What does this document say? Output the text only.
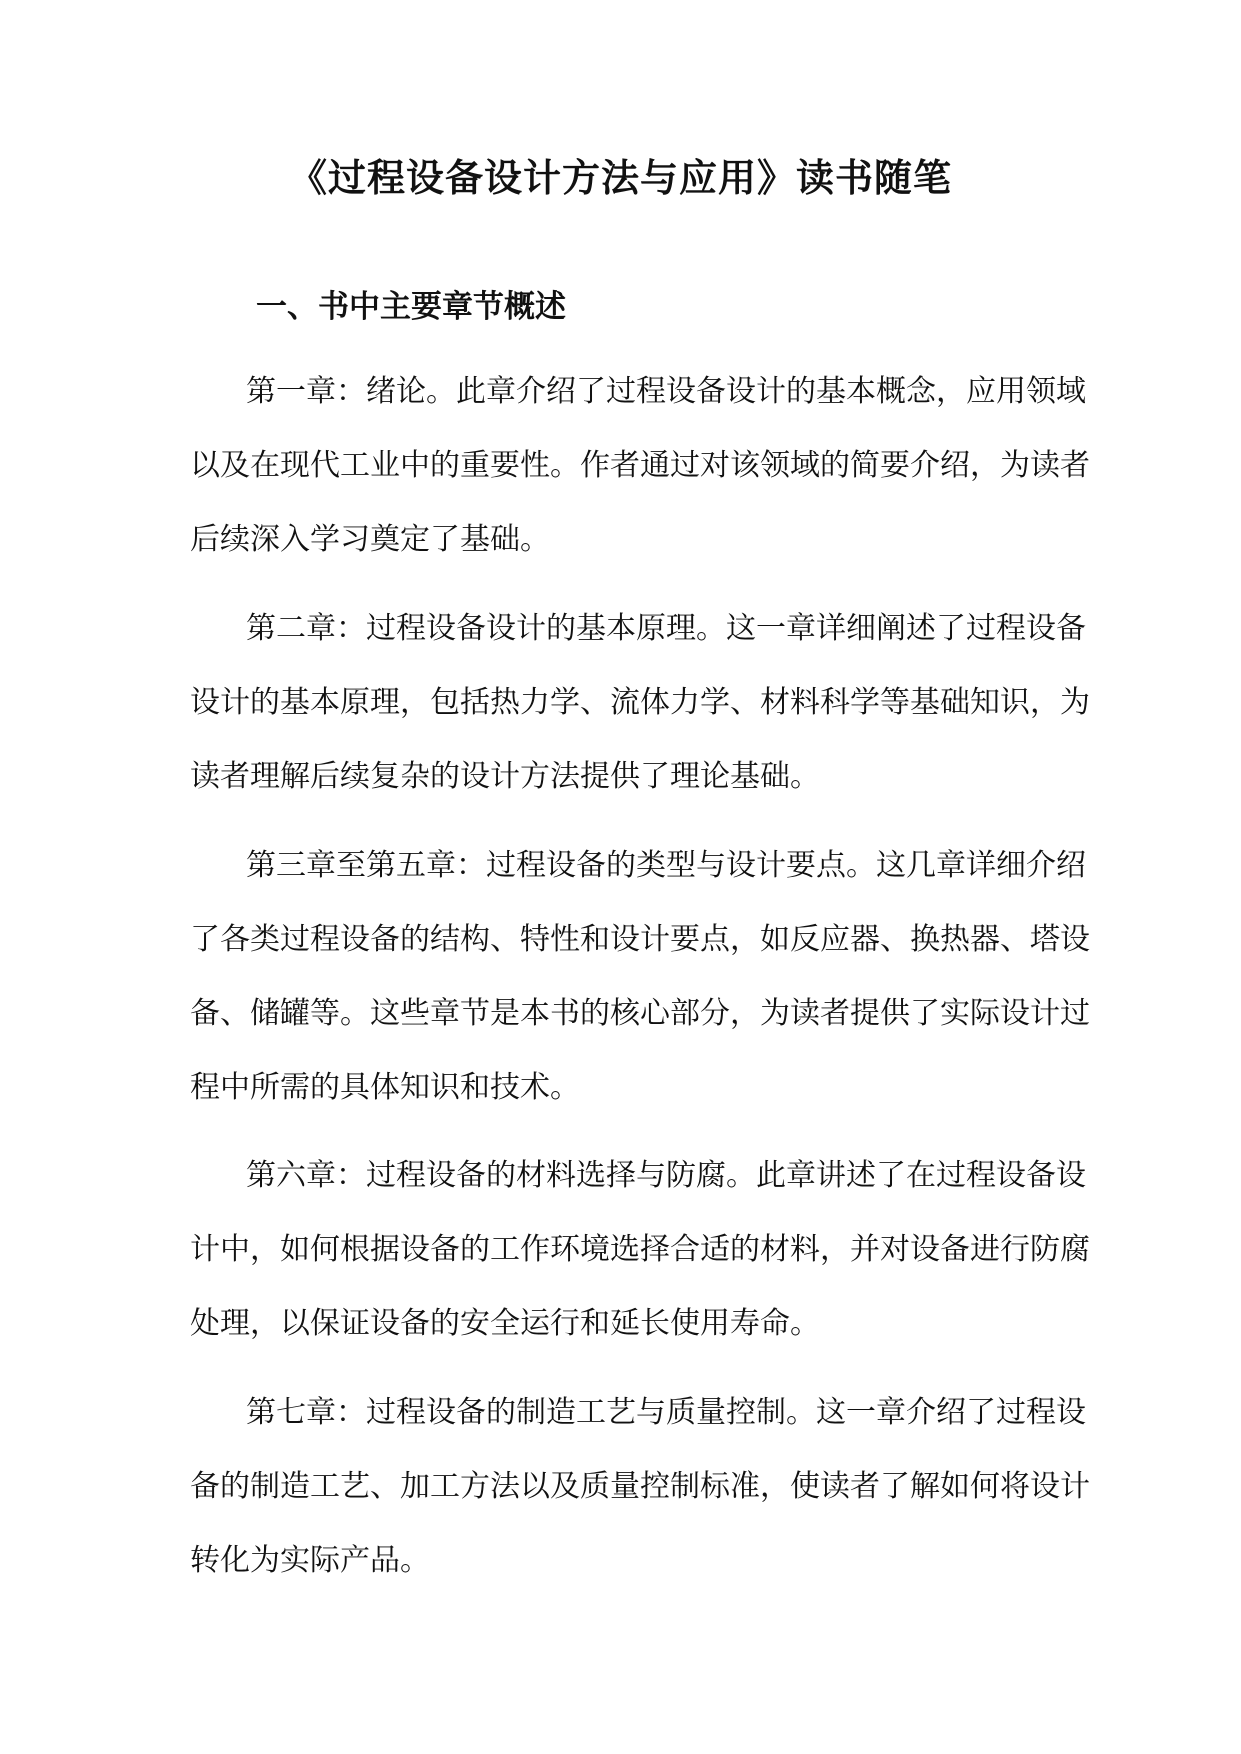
《过程设备设计方法与应用》读书随笔
一、书中主要章节概述
第一章：绪论。此章介绍了过程设备设计的基本概念，应用领域
以及在现代工业中的重要性。作者通过对该领域的简要介绍，为读者
后续深入学习奠定了基础。
第二章：过程设备设计的基本原理。这一章详细阐述了过程设备
设计的基本原理，包括热力学、流体力学、材料科学等基础知识，为
读者理解后续复杂的设计方法提供了理论基础。
第三章至第五章：过程设备的类型与设计要点。这几章详细介绍
了各类过程设备的结构、特性和设计要点，如反应器、换热器、塔设
备、储罐等。这些章节是本书的核心部分，为读者提供了实际设计过
程中所需的具体知识和技术。
第六章：过程设备的材料选择与防腐。此章讲述了在过程设备设
计中，如何根据设备的工作环境选择合适的材料，并对设备进行防腐
处理，以保证设备的安全运行和延长使用寿命。
第七章：过程设备的制造工艺与质量控制。这一章介绍了过程设
备的制造工艺、加工方法以及质量控制标准，使读者了解如何将设计
转化为实际产品。
